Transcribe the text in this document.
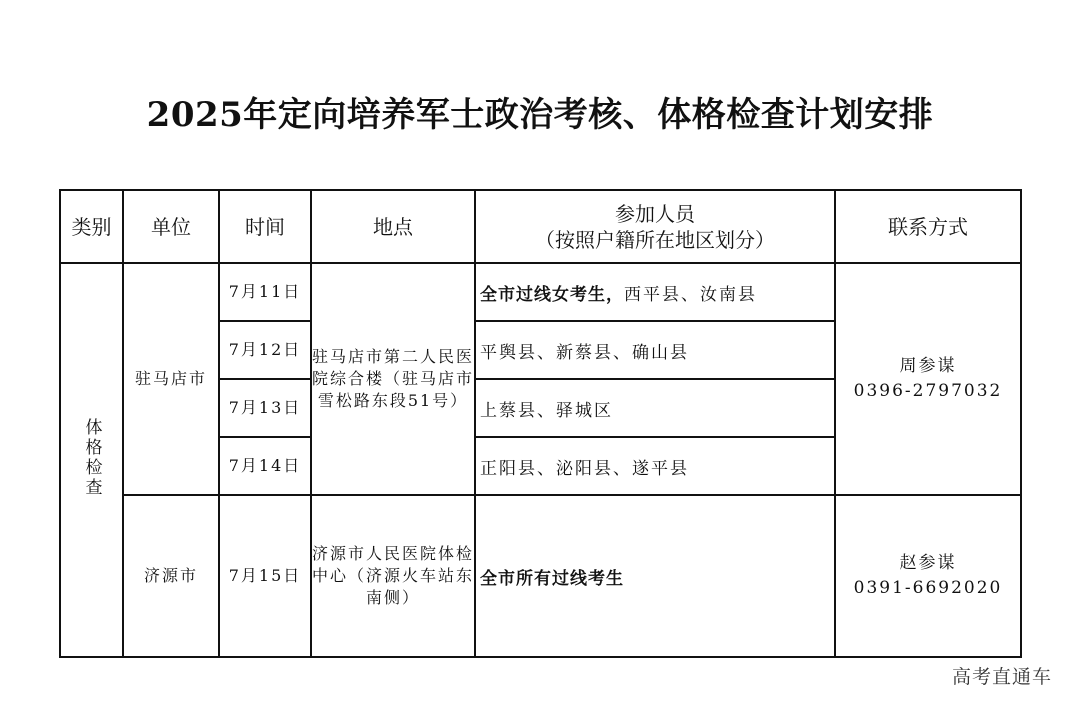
2025年定向培养军士政治考核、体格检查计划安排
类别	单位	时间	地点	参加人员
（按照户籍所在地区划分）	联系方式
体格检查	驻马店市	7月11日	驻马店市第二人民医院综合楼（驻马店市雪松路东段51号）	全市过线女考生，西平县、汝南县	周参谋
0396-2797032

		7月12日		平舆县、新蔡县、确山县	
		7月13日		上蔡县、驿城区	
		7月14日		正阳县、泌阳县、遂平县	
	济源市	7月15日	济源市人民医院体检中心（济源火车站东南侧）	全市所有过线考生	赵参谋
0391-6692020
高考直通车
